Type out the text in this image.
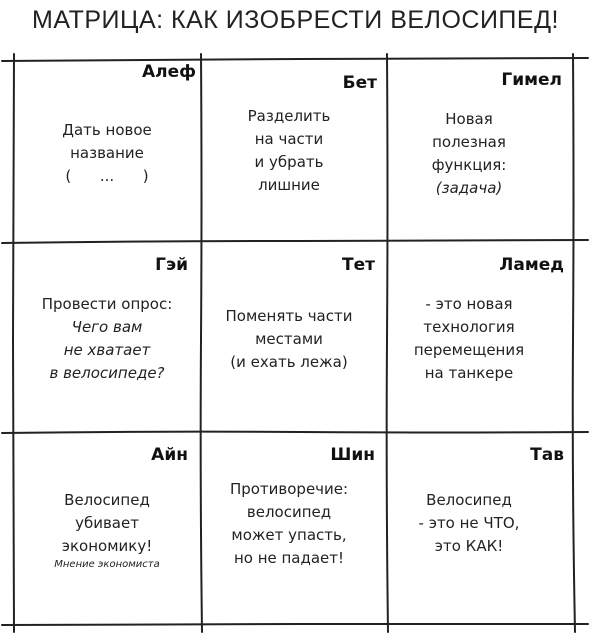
МАТРИЦА: КАК ИЗОБРЕСТИ ВЕЛОСИПЕД!
Алеф
Дать новое
название
(      ...      )
Бет
Разделить
на части
и убрать
лишние
Гимел
Новая
полезная
функция:
(задача)
Гэй
Провести опрос:
Чего вам
не хватает
в велосипеде?
Тет
Поменять части
местами
(и ехать лежа)
Ламед
- это новая
технология
перемещения
на танкере
Айн
Велосипед
убивает
экономику!
Мнение экономиста
Шин
Противоречие:
велосипед
может упасть,
но не падает!
Тав
Велосипед
- это не ЧТО,
это КАК!
